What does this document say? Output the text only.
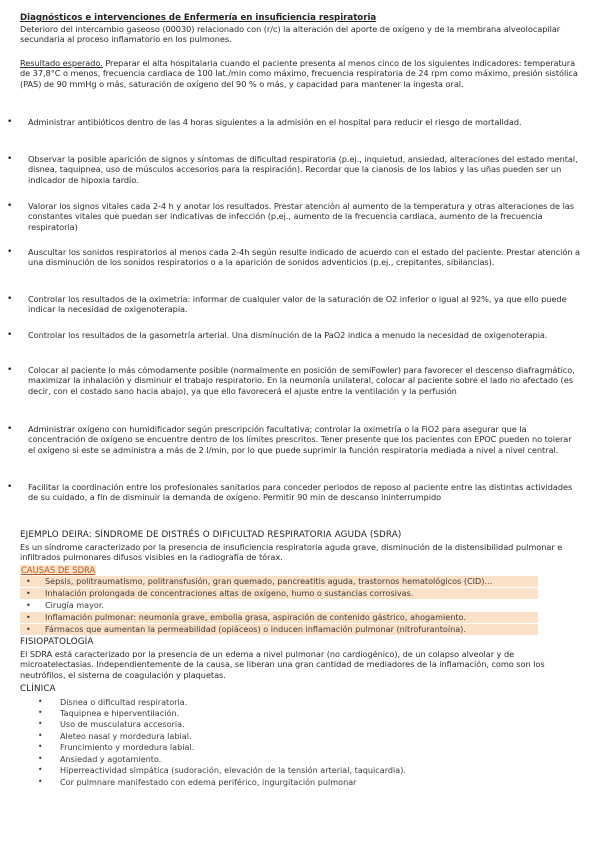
Diagnósticos e intervenciones de Enfermería en insuficiencia respiratoria
Deterioro del intercambio gaseoso (00030) relacionado con (r/c) la alteración del aporte de oxígeno y de la membrana alveolocapilar secundaria al proceso inflamatorio en los pulmones.
Resultado esperado. Preparar el alta hospitalaria cuando el paciente presenta al menos cinco de los siguientes indicadores: temperatura de 37,8°C o menos, frecuencia cardiaca de 100 lat./min como máximo, frecuencia respiratoria de 24 rpm como máximo, presión sistólica (PAS) de 90 mmHg o más, saturación de oxígeno del 90 % o más, y capacidad para mantener la ingesta oral.
• Administrar antibióticos dentro de las 4 horas siguientes a la admisión en el hospital para reducir el riesgo de mortalidad.
• Observar la posible aparición de signos y síntomas de dificultad respiratoria (p.ej., inquietud, ansiedad, alteraciones del estado mental, disnea, taquipnea, uso de músculos accesorios para la respiración). Recordar que la cianosis de los labios y las uñas pueden ser un indicador de hipoxia tardío.
• Valorar los signos vitales cada 2-4 h y anotar los resultados. Prestar atención al aumento de la temperatura y otras alteraciones de las constantes vitales que puedan ser indicativas de infección (p.ej., aumento de la frecuencia cardiaca, aumento de la frecuencia respiratoria)
• Auscultar los sonidos respiratorios al menos cada 2-4h según resulte indicado de acuerdo con el estado del paciente. Prestar atención a una disminución de los sonidos respiratorios o a la aparición de sonidos adventicios (p.ej., crepitantes, sibilancias).
• Controlar los resultados de la oximetría: informar de cualquier valor de la saturación de O2 inferior o igual al 92%, ya que ello puede indicar la necesidad de oxigenoterapia.
• Controlar los resultados de la gasometría arterial. Una disminución de la PaO2 indica a menudo la necesidad de oxigenoterapia.
• Colocar al paciente lo más cómodamente posible (normalmente en posición de semiFowler) para favorecer el descenso diafragmático, maximizar la inhalación y disminuir el trabajo respiratorio. En la neumonía unilateral, colocar al paciente sobre el lado no afectado (es decir, con el costado sano hacia abajo), ya que ello favorecerá el ajuste entre la ventilación y la perfusión
• Administrar oxígeno con humidificador según prescripción facultativa; controlar la oximetría o la FiO2 para asegurar que la concentración de oxígeno se encuentre dentro de los límites prescritos. Tener presente que los pacientes con EPOC pueden no tolerar el oxígeno si este se administra a más de 2 l/min, por lo que puede suprimir la función respiratoria mediada a nivel a nivel central.
• Facilitar la coordinación entre los profesionales sanitarios para conceder periodos de reposo al paciente entre las distintas actividades de su cuidado, a fin de disminuir la demanda de oxígeno. Permitir 90 min de descanso ininterrumpido
EJEMPLO DEIRA: SÍNDROME DE DISTRÉS O DIFICULTAD RESPIRATORIA AGUDA (SDRA)
Es un síndrome caracterizado por la presencia de insuficiencia respiratoria aguda grave, disminución de la distensibilidad pulmonar e infiltrados pulmonares difusos visibles en la radiografía de tórax.
CAUSAS DE SDRA
• Sepsis, politraumatismo, politransfusión, gran quemado, pancreatitis aguda, trastornos hematológicos (CID)...
• Inhalación prolongada de concentraciones altas de oxígeno, humo o sustancias corrosivas.
• Cirugía mayor.
• Inflamación pulmonar: neumonía grave, embolia grasa, aspiración de contenido gástrico, ahogamiento.
• Fármacos que aumentan la permeabilidad (opiáceos) o inducen inflamación pulmonar (nitrofurantoína).
FISIOPATOLOGÍA
El SDRA está caracterizado por la presencia de un edema a nivel pulmonar (no cardiogénico), de un colapso alveolar y de microatelectasias. Independientemente de la causa, se liberan una gran cantidad de mediadores de la inflamación, como son los neutrófilos, el sistema de coagulación y plaquetas.
CLÍNICA
• Disnea o dificultad respiratoria.
• Taquipnea e hiperventilación.
• Uso de musculatura accesoria.
• Aleteo nasal y mordedura labial.
• Fruncimiento y mordedura labial.
• Ansiedad y agotamiento.
• Hiperreactividad simpática (sudoración, elevación de la tensión arterial, taquicardia).
• Cor pulmnare manifestado con edema periférico, ingurgitación pulmonar
